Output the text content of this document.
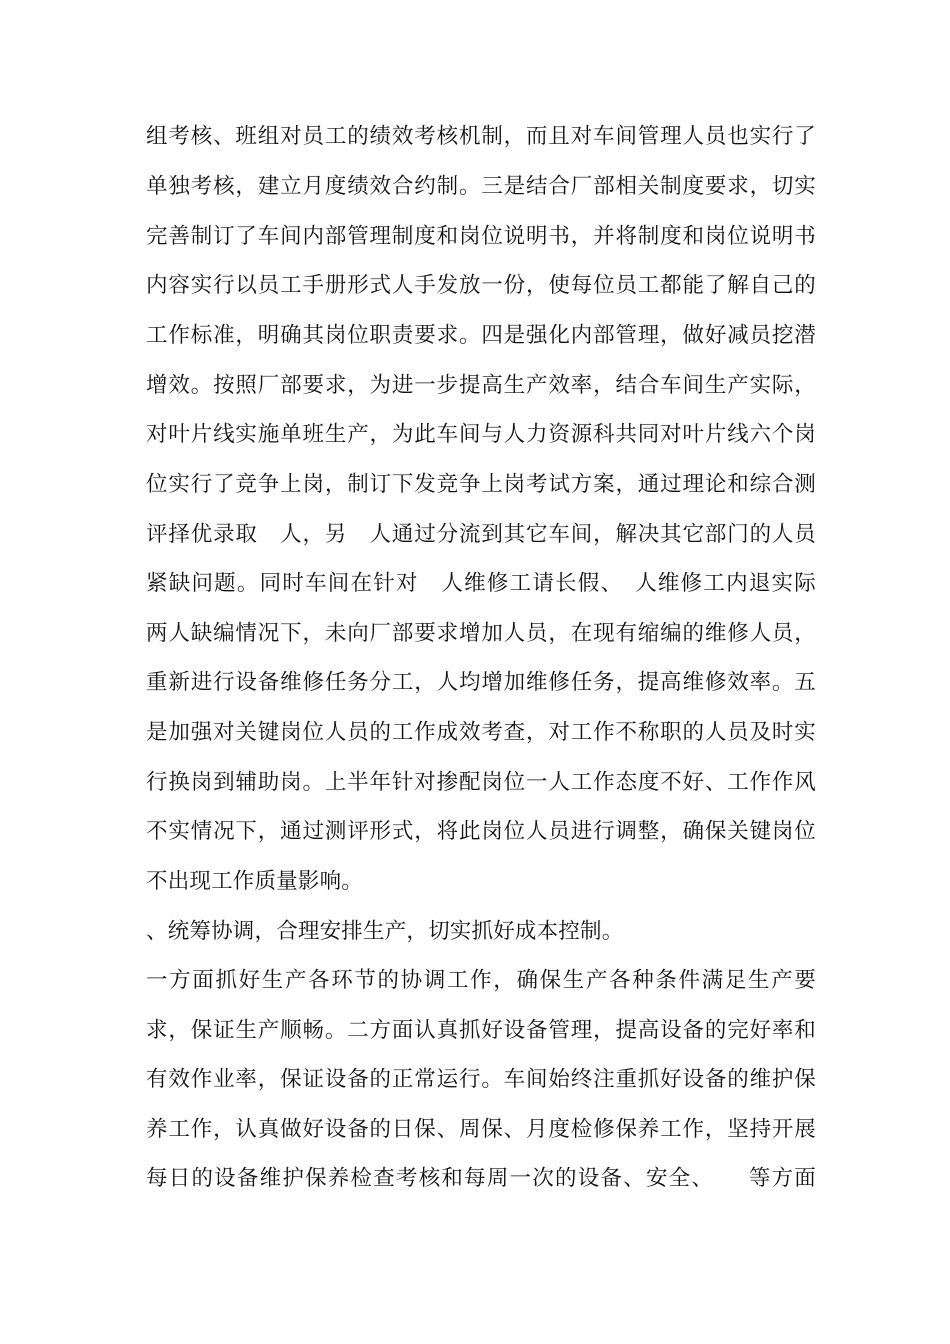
组考核、班组对员工的绩效考核机制，而且对车间管理人员也实行了
单独考核，建立月度绩效合约制。三是结合厂部相关制度要求，切实
完善制订了车间内部管理制度和岗位说明书，并将制度和岗位说明书
内容实行以员工手册形式人手发放一份，使每位员工都能了解自己的
工作标准，明确其岗位职责要求。四是强化内部管理，做好减员挖潜
增效。按照厂部要求，为进一步提高生产效率，结合车间生产实际，
对叶片线实施单班生产，为此车间与人力资源科共同对叶片线六个岗
位实行了竞争上岗，制订下发竞争上岗考试方案，通过理论和综合测
评择优录取　人，另　人通过分流到其它车间，解决其它部门的人员
紧缺问题。同时车间在针对　人维修工请长假、　人维修工内退实际
两人缺编情况下，未向厂部要求增加人员，在现有缩编的维修人员，
重新进行设备维修任务分工，人均增加维修任务，提高维修效率。五
是加强对关键岗位人员的工作成效考查，对工作不称职的人员及时实
行换岗到辅助岗。上半年针对掺配岗位一人工作态度不好、工作作风
不实情况下，通过测评形式，将此岗位人员进行调整，确保关键岗位
不出现工作质量影响。
、统筹协调，合理安排生产，切实抓好成本控制。
一方面抓好生产各环节的协调工作，确保生产各种条件满足生产要
求，保证生产顺畅。二方面认真抓好设备管理，提高设备的完好率和
有效作业率，保证设备的正常运行。车间始终注重抓好设备的维护保
养工作，认真做好设备的日保、周保、月度检修保养工作，坚持开展
每日的设备维护保养检查考核和每周一次的设备、安全、　　等方面
